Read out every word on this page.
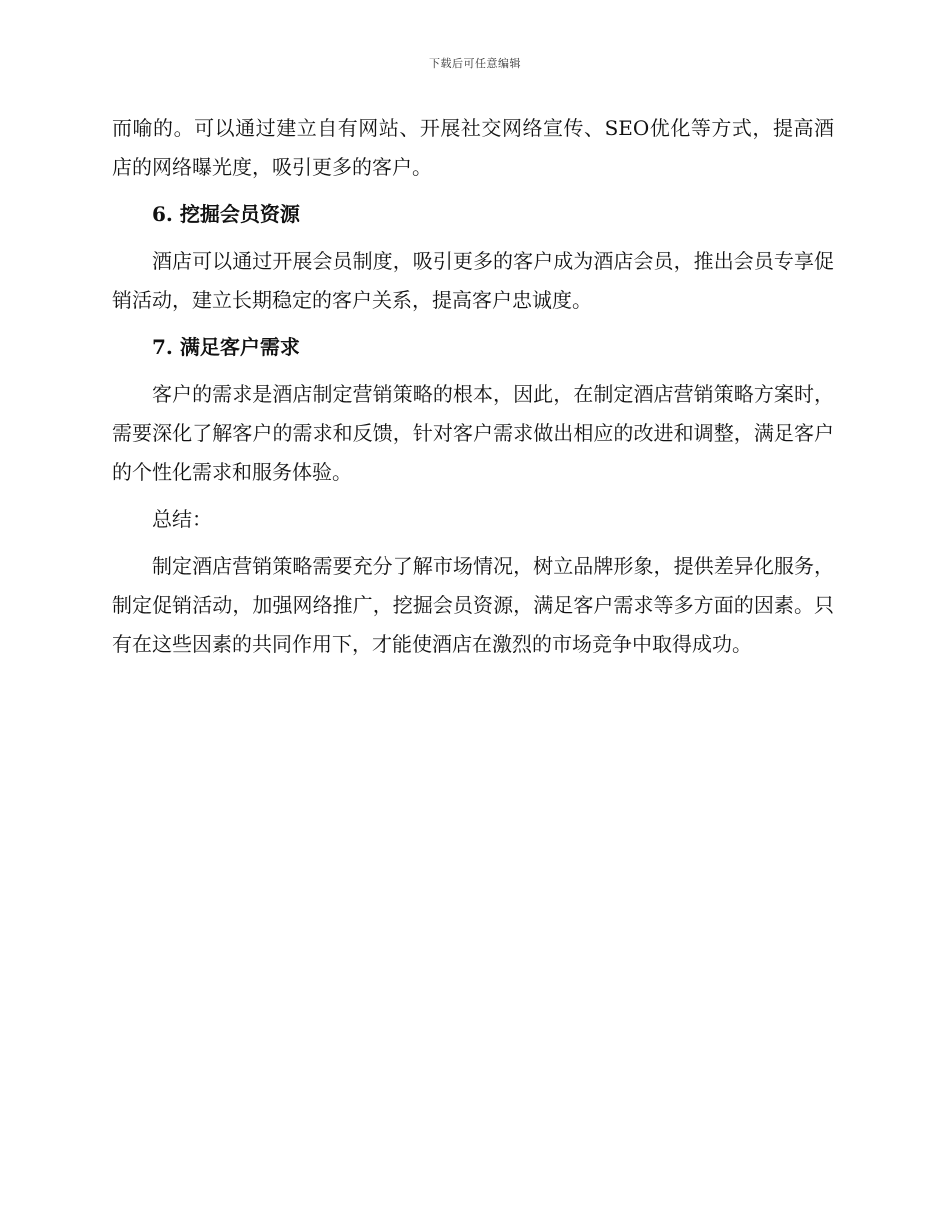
下载后可任意编辑

而喻的。可以通过建立自有网站、开展社交网络宣传、SEO优化等方式，提高酒店的网络曝光度，吸引更多的客户。

6. 挖掘会员资源

酒店可以通过开展会员制度，吸引更多的客户成为酒店会员，推出会员专享促销活动，建立长期稳定的客户关系，提高客户忠诚度。

7. 满足客户需求

客户的需求是酒店制定营销策略的根本，因此，在制定酒店营销策略方案时，需要深化了解客户的需求和反馈，针对客户需求做出相应的改进和调整，满足客户的个性化需求和服务体验。

总结：

制定酒店营销策略需要充分了解市场情况，树立品牌形象，提供差异化服务，制定促销活动，加强网络推广，挖掘会员资源，满足客户需求等多方面的因素。只有在这些因素的共同作用下，才能使酒店在激烈的市场竞争中取得成功。
